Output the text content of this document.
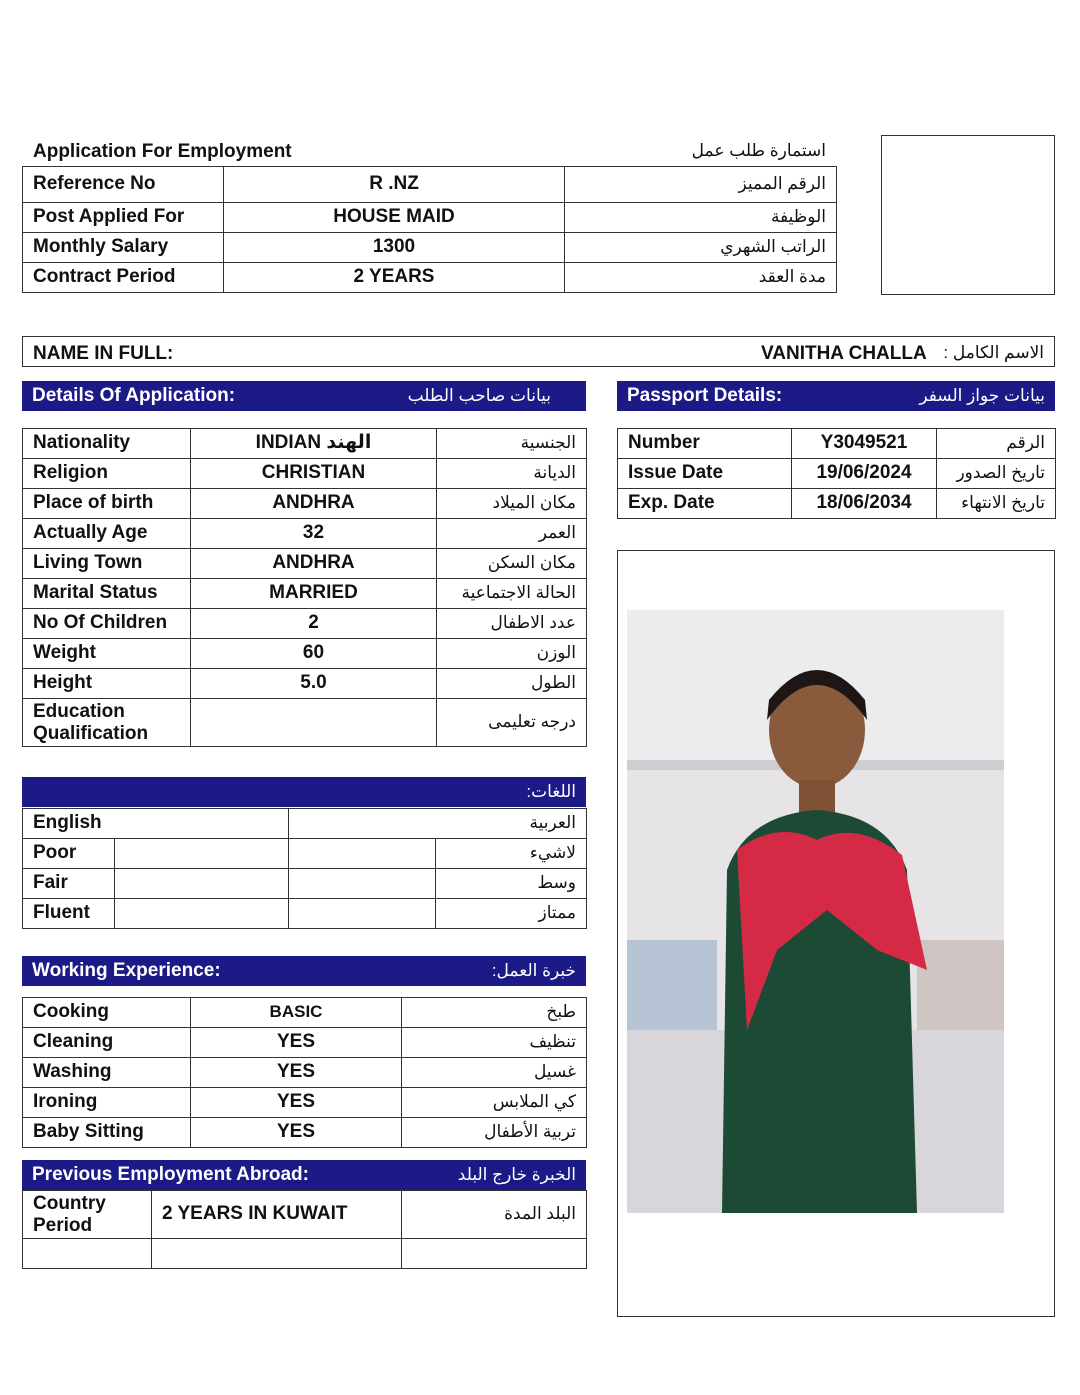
Application For Employment	استمارة طلب عمل
Reference No	R .NZ	الرقم المميز
Post Applied For	HOUSE MAID	الوظيفة
Monthly Salary	1300	الراتب الشهري
Contract Period	2 YEARS	مدة العقد
NAME IN FULL:	VANITHA CHALLA الاسم الكامل :
Details Of Application:	بيانات صاحب الطلب	Passport Details:	بيانات جواز السفر
Nationality	INDIAN الهند	الجنسية
Religion	CHRISTIAN	الديانة
Place of birth	ANDHRA	مكان الميلاد
Actually Age	32	العمر
Living Town	ANDHRA	مكان السكن
Marital Status	MARRIED	الحالة الاجتماعية
No Of Children	2	عدد الاطفال
Weight	60	الوزن
Height	5.0	الطول

Education
Qualification		درجه تعليمى
Number	Y3049521	الرقم
Issue Date	19/06/2024	تاريخ الصدور
Exp. Date	18/06/2034	تاريخ الانتهاء
اللغات:
English		العربية	
Poor			لاشيء
Fair			وسط
Fluent			ممتاز
Working Experience:	خبرة العمل:
Cooking	BASIC	طبخ
Cleaning	YES	تنظيف
Washing	YES	غسيل
Ironing	YES	كي الملابس
Baby Sitting	YES	تربية الأطفال
Previous Employment Abroad:	الخبرة خارج البلد
Country
Period	2 YEARS IN KUWAIT	البلد المدة
